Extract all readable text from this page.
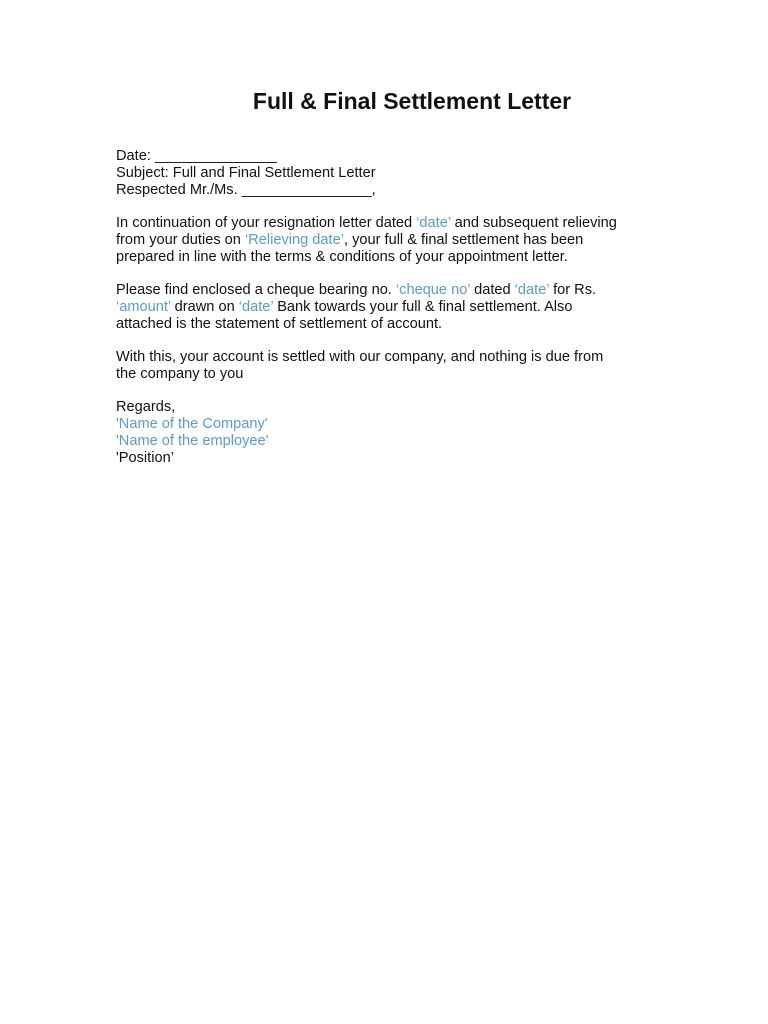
Full & Final Settlement Letter
Date: _______________
Subject: Full and Final Settlement Letter
Respected Mr./Ms. ________________,
In continuation of your resignation letter dated ‘date’ and subsequent relieving
from your duties on ‘Relieving date’, your full & final settlement has been
prepared in line with the terms & conditions of your appointment letter.
Please find enclosed a cheque bearing no. ‘cheque no’ dated ‘date’ for Rs.
‘amount’ drawn on ‘date’ Bank towards your full & final settlement. Also
attached is the statement of settlement of account.
With this, your account is settled with our company, and nothing is due from
the company to you
Regards,
'Name of the Company'
'Name of the employee'
'Position’
